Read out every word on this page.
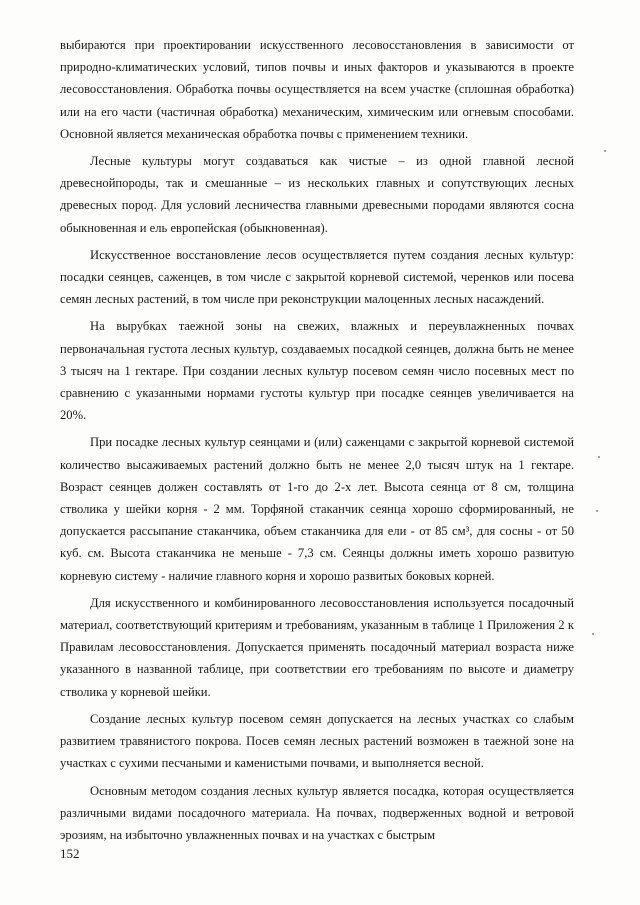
выбираются при проектировании искусственного лесовосстановления в зависимости от природно-климатических условий, типов почвы и иных факторов и указываются в проекте лесовосстановления. Обработка почвы осуществляется на всем участке (сплошная обработка) или на его части (частичная обработка) механическим, химическим или огневым способами. Основной является механическая обработка почвы с применением техники.

Лесные культуры могут создаваться как чистые – из одной главной лесной древеснойпороды, так и смешанные – из нескольких главных и сопутствующих лесных древесных пород. Для условий лесничества главными древесными породами являются сосна обыкновенная и ель европейская (обыкновенная).

Искусственное восстановление лесов осуществляется путем создания лесных культур: посадки сеянцев, саженцев, в том числе с закрытой корневой системой, черенков или посева семян лесных растений, в том числе при реконструкции малоценных лесных насаждений.

На вырубках таежной зоны на свежих, влажных и переувлажненных почвах первоначальная густота лесных культур, создаваемых посадкой сеянцев, должна быть не менее 3 тысяч на 1 гектаре. При создании лесных культур посевом семян число посевных мест по сравнению с указанными нормами густоты культур при посадке сеянцев увеличивается на 20%.

При посадке лесных культур сеянцами и (или) саженцами с закрытой корневой системой количество высаживаемых растений должно быть не менее 2,0 тысяч штук на 1 гектаре. Возраст сеянцев должен составлять от 1-го до 2-х лет. Высота сеянца от 8 см, толщина стволика у шейки корня - 2 мм. Торфяной стаканчик сеянца хорошо сформированный, не допускается рассыпание стаканчика, объем стаканчика для ели - от 85 см³, для сосны - от 50 куб. см. Высота стаканчика не меньше - 7,3 см. Сеянцы должны иметь хорошо развитую корневую систему - наличие главного корня и хорошо развитых боковых корней.

Для искусственного и комбинированного лесовосстановления используется посадочный материал, соответствующий критериям и требованиям, указанным в таблице 1 Приложения 2 к Правилам лесовосстановления. Допускается применять посадочный материал возраста ниже указанного в названной таблице, при соответствии его требованиям по высоте и диаметру стволика у корневой шейки.

Создание лесных культур посевом семян допускается на лесных участках со слабым развитием травянистого покрова. Посев семян лесных растений возможен в таежной зоне на участках с сухими песчаными и каменистыми почвами, и выполняется весной.

Основным методом создания лесных культур является посадка, которая осуществляется различными видами посадочного материала. На почвах, подверженных водной и ветровой эрозиям, на избыточно увлажненных почвах и на участках с быстрым

152
